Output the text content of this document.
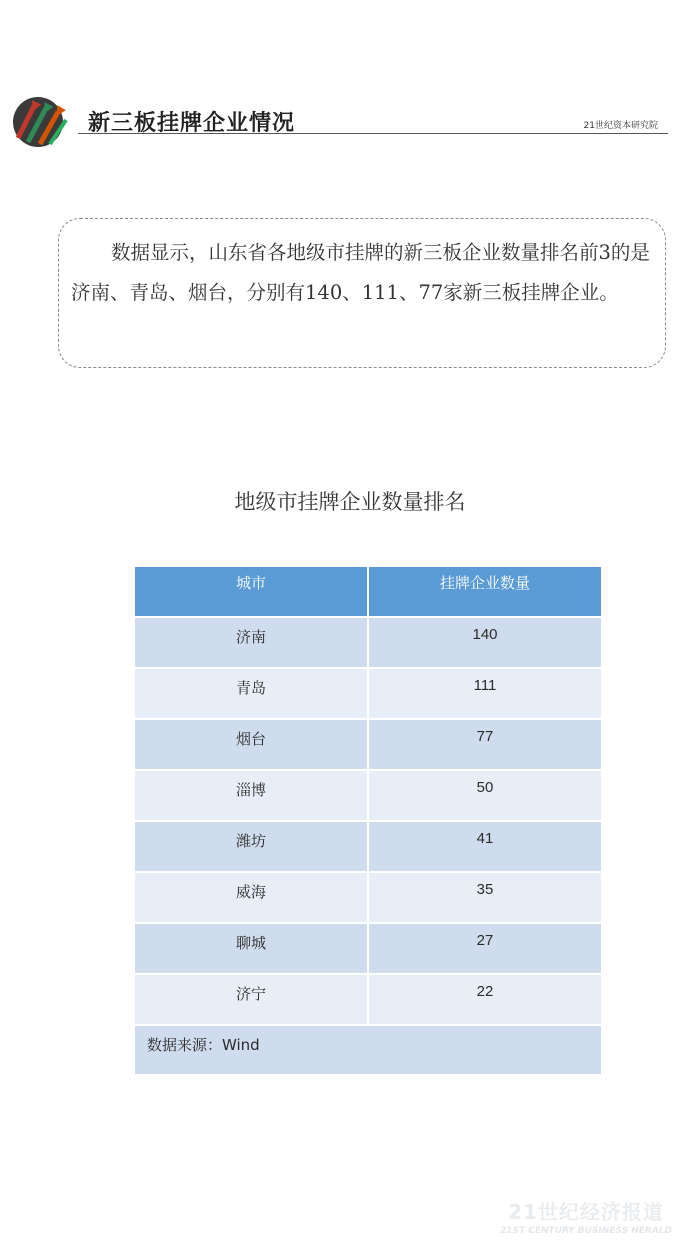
新三板挂牌企业情况	21世纪资本研究院
数据显示，山东省各地级市挂牌的新三板企业数量排名前3的是济南、青岛、烟台，分别有140、111、77家新三板挂牌企业。
地级市挂牌企业数量排名
城市	挂牌企业数量
济南	140
青岛	111
烟台	77
淄博	50
潍坊	41
威海	35
聊城	27
济宁	22
数据来源：Wind	
21世纪经济报道
21ST CENTURY BUSINESS HERALD
